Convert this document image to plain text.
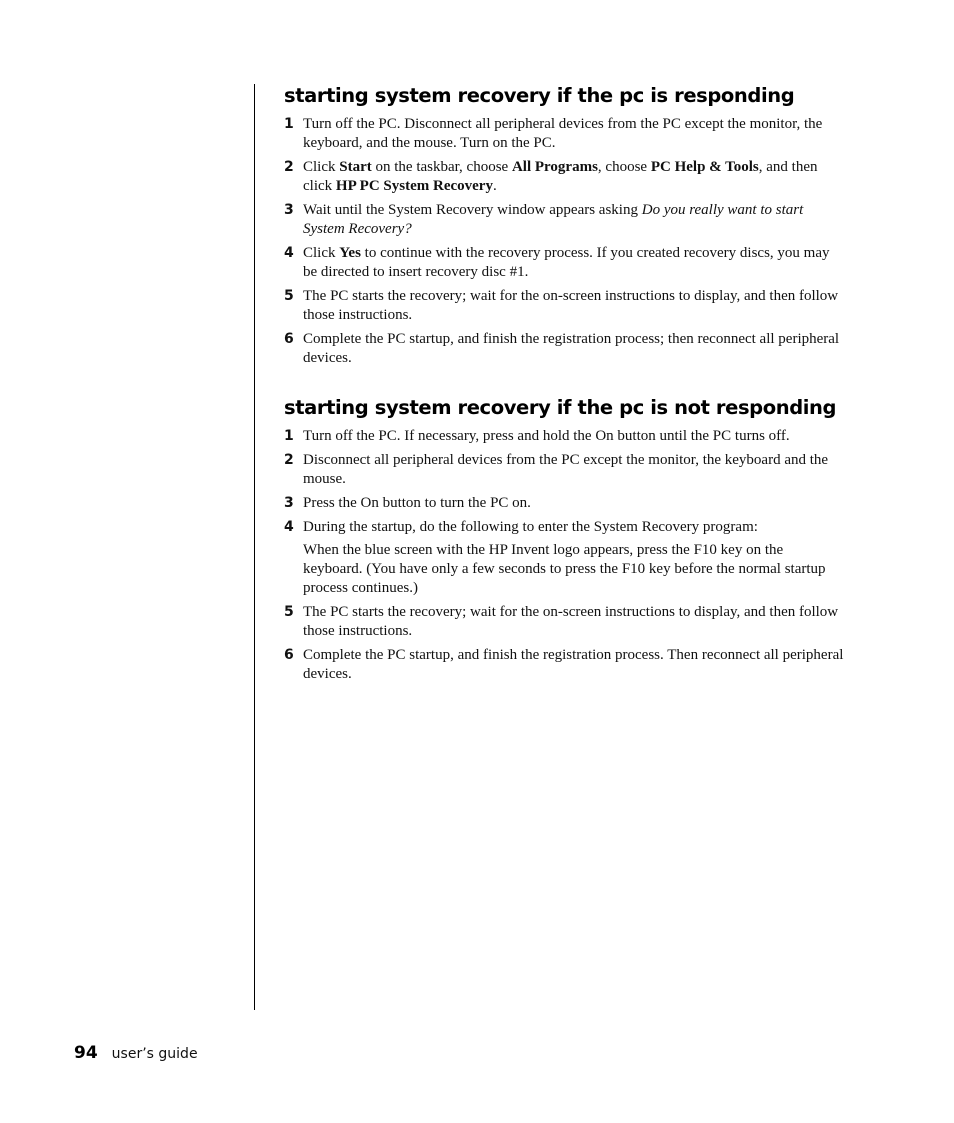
starting system recovery if the pc is responding
1 Turn off the PC. Disconnect all peripheral devices from the PC except the monitor, the keyboard, and the mouse. Turn on the PC.
2 Click Start on the taskbar, choose All Programs, choose PC Help & Tools, and then click HP PC System Recovery.
3 Wait until the System Recovery window appears asking Do you really want to start System Recovery?
4 Click Yes to continue with the recovery process. If you created recovery discs, you may be directed to insert recovery disc #1.
5 The PC starts the recovery; wait for the on-screen instructions to display, and then follow those instructions.
6 Complete the PC startup, and finish the registration process; then reconnect all peripheral devices.
starting system recovery if the pc is not responding
1 Turn off the PC. If necessary, press and hold the On button until the PC turns off.
2 Disconnect all peripheral devices from the PC except the monitor, the keyboard and the mouse.
3 Press the On button to turn the PC on.
4 During the startup, do the following to enter the System Recovery program:
When the blue screen with the HP Invent logo appears, press the F10 key on the keyboard. (You have only a few seconds to press the F10 key before the normal startup process continues.)
5 The PC starts the recovery; wait for the on-screen instructions to display, and then follow those instructions.
6 Complete the PC startup, and finish the registration process. Then reconnect all peripheral devices.
94 user’s guide
